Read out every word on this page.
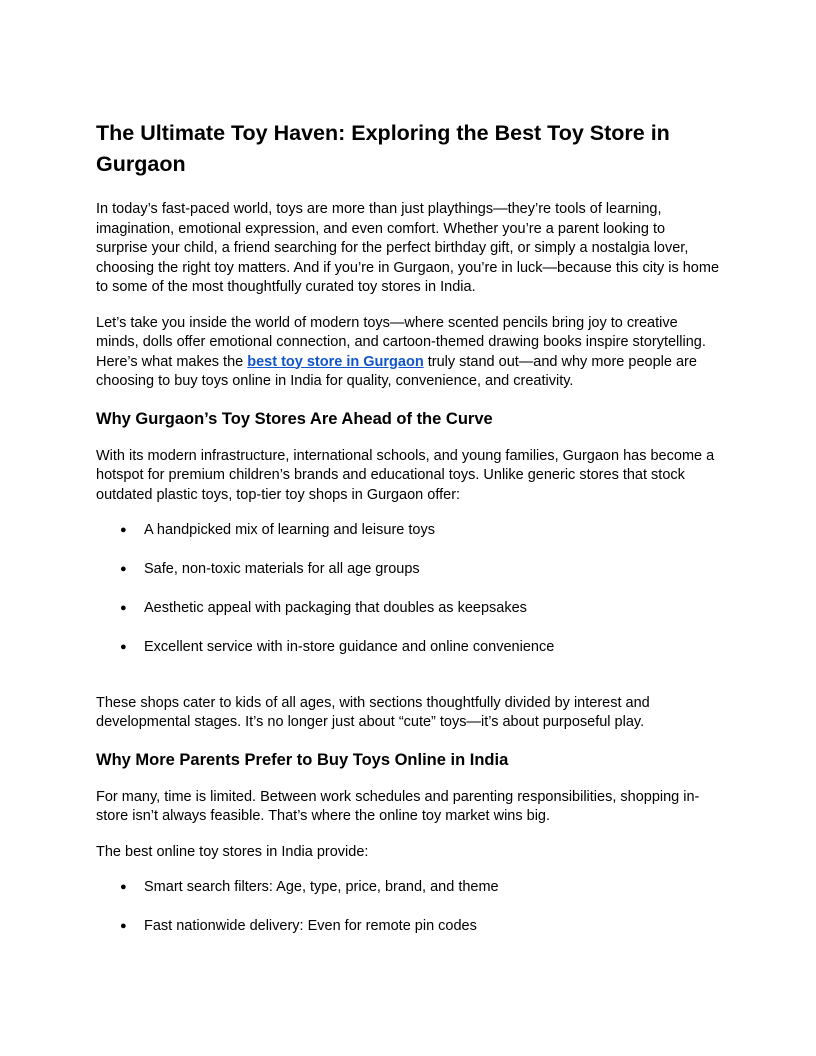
The Ultimate Toy Haven: Exploring the Best Toy Store in Gurgaon

In today’s fast-paced world, toys are more than just playthings—they’re tools of learning, imagination, emotional expression, and even comfort. Whether you’re a parent looking to surprise your child, a friend searching for the perfect birthday gift, or simply a nostalgia lover, choosing the right toy matters. And if you’re in Gurgaon, you’re in luck—because this city is home to some of the most thoughtfully curated toy stores in India.

Let’s take you inside the world of modern toys—where scented pencils bring joy to creative minds, dolls offer emotional connection, and cartoon-themed drawing books inspire storytelling. Here’s what makes the best toy store in Gurgaon truly stand out—and why more people are choosing to buy toys online in India for quality, convenience, and creativity.

Why Gurgaon’s Toy Stores Are Ahead of the Curve

With its modern infrastructure, international schools, and young families, Gurgaon has become a hotspot for premium children’s brands and educational toys. Unlike generic stores that stock outdated plastic toys, top-tier toy shops in Gurgaon offer:

● A handpicked mix of learning and leisure toys
● Safe, non-toxic materials for all age groups
● Aesthetic appeal with packaging that doubles as keepsakes
● Excellent service with in-store guidance and online convenience

These shops cater to kids of all ages, with sections thoughtfully divided by interest and developmental stages. It’s no longer just about “cute” toys—it’s about purposeful play.

Why More Parents Prefer to Buy Toys Online in India

For many, time is limited. Between work schedules and parenting responsibilities, shopping in-store isn’t always feasible. That’s where the online toy market wins big.

The best online toy stores in India provide:

● Smart search filters: Age, type, price, brand, and theme
● Fast nationwide delivery: Even for remote pin codes
